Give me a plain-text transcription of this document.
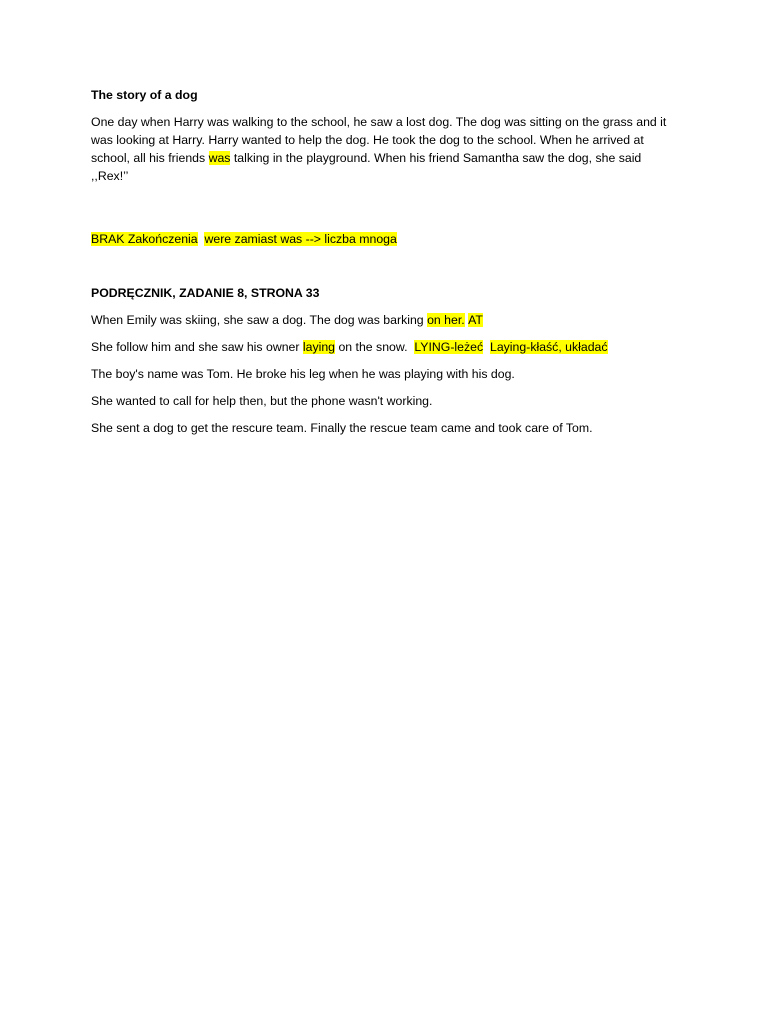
The story of a dog

One day when Harry was walking to the school, he saw a lost dog. The dog was sitting on the grass and it was looking at Harry. Harry wanted to help the dog. He took the dog to the school. When he arrived at school, all his friends was talking in the playground. When his friend Samantha saw the dog, she said ,,Rex!’’

BRAK Zakończenia were zamiast was --> liczba mnoga

PODRĘCZNIK, ZADANIE 8, STRONA 33

When Emily was skiing, she saw a dog. The dog was barking on her. AT

She follow him and she saw his owner laying on the snow.  LYING-leżeć Laying-kłaść, układać

The boy's name was Tom. He broke his leg when he was playing with his dog.

She wanted to call for help then, but the phone wasn't working.

She sent a dog to get the rescure team. Finally the rescue team came and took care of Tom.
